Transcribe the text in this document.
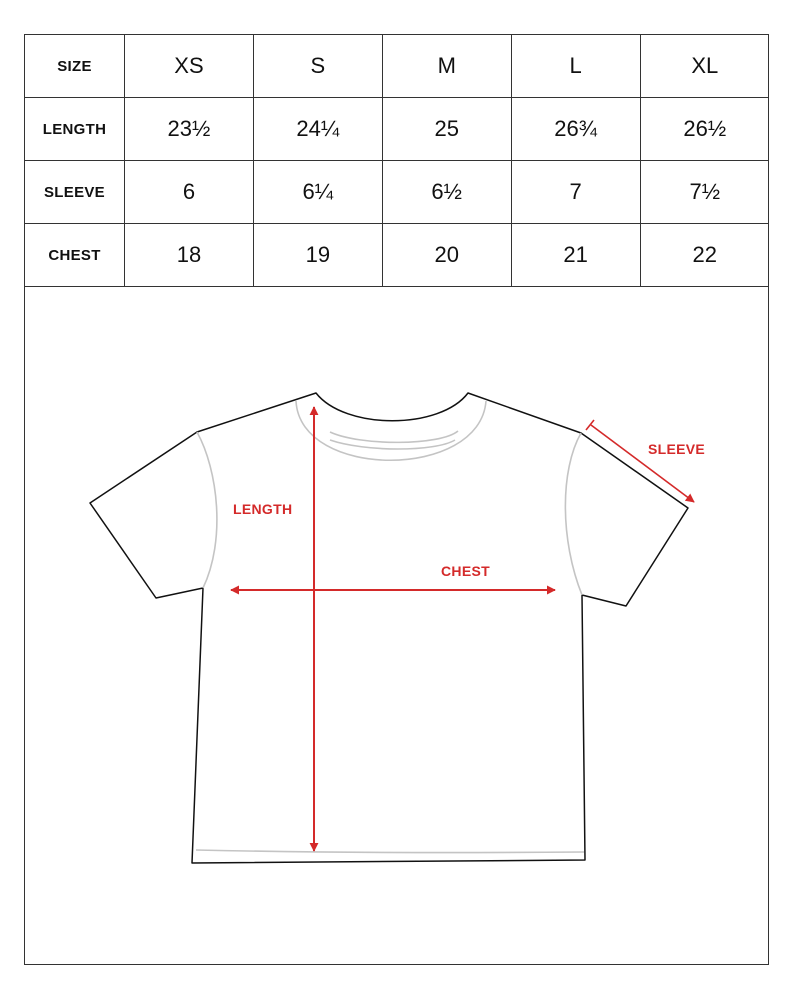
SIZE	XS	S	M	L	XL
LENGTH	23½	24¼	25	26¾	26½
SLEEVE	6	6¼	6½	7	7½
CHEST	18	19	20	21	22
LENGTH
CHEST
SLEEVE
